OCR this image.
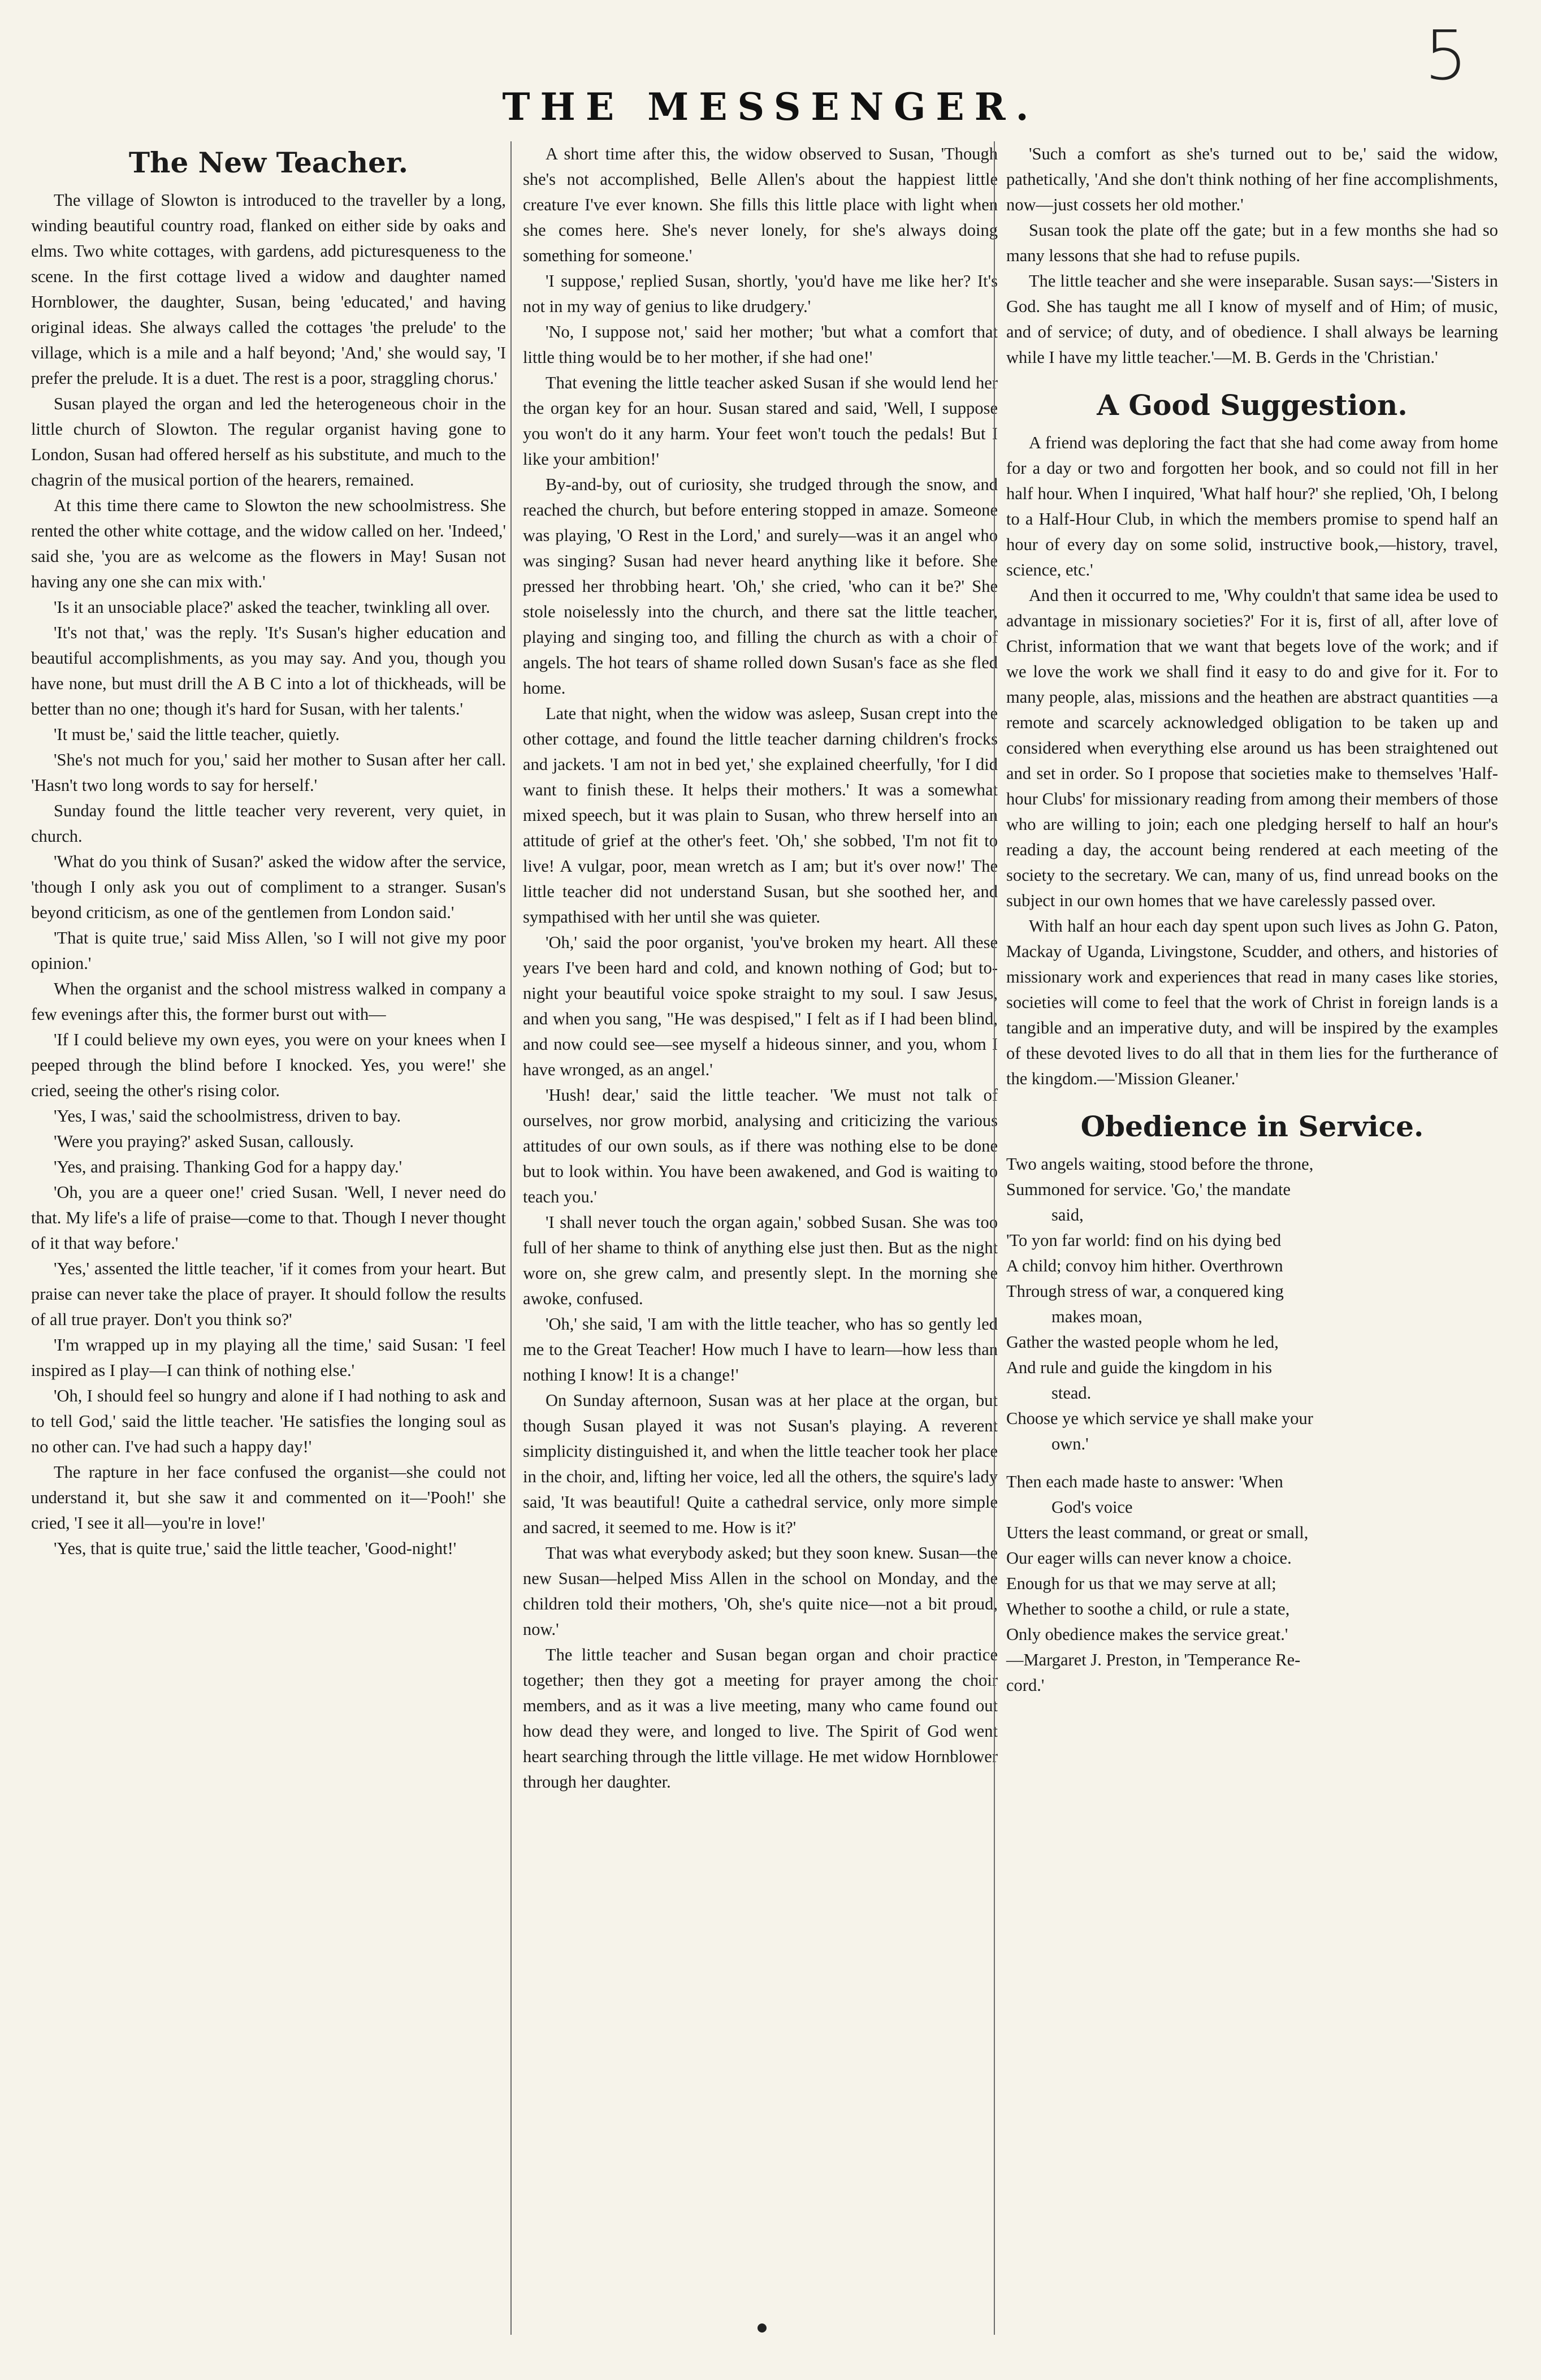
5
THE MESSENGER.
The New Teacher.

The village of Slowton is introduced to the traveller by a long, winding beautiful country road, flanked on either side by oaks and elms. Two white cottages, with gardens, add picturesqueness to the scene. In the first cottage lived a widow and daughter named Hornblower, the daughter, Susan, being 'educated,' and having original ideas. She always called the cottages 'the prelude' to the village, which is a mile and a half beyond; 'And,' she would say, 'I prefer the prelude. It is a duet. The rest is a poor, straggling chorus.'

Susan played the organ and led the heterogeneous choir in the little church of Slowton. The regular organist having gone to London, Susan had offered herself as his substitute, and much to the chagrin of the musical portion of the hearers, remained.

At this time there came to Slowton the new schoolmistress. She rented the other white cottage, and the widow called on her. 'Indeed,' said she, 'you are as welcome as the flowers in May! Susan not having any one she can mix with.'

'Is it an unsociable place?' asked the teacher, twinkling all over.

'It's not that,' was the reply. 'It's Susan's higher education and beautiful accomplishments, as you may say. And you, though you have none, but must drill the A B C into a lot of thickheads, will be better than no one; though it's hard for Susan, with her talents.'

'It must be,' said the little teacher, quietly.

'She's not much for you,' said her mother to Susan after her call. 'Hasn't two long words to say for herself.'

Sunday found the little teacher very reverent, very quiet, in church.

'What do you think of Susan?' asked the widow after the service, 'though I only ask you out of compliment to a stranger. Susan's beyond criticism, as one of the gentlemen from London said.'

'That is quite true,' said Miss Allen, 'so I will not give my poor opinion.'

When the organist and the school mistress walked in company a few evenings after this, the former burst out with—

'If I could believe my own eyes, you were on your knees when I peeped through the blind before I knocked. Yes, you were!' she cried, seeing the other's rising color.

'Yes, I was,' said the schoolmistress, driven to bay.

'Were you praying?' asked Susan, callously.

'Yes, and praising. Thanking God for a happy day.'

'Oh, you are a queer one!' cried Susan. 'Well, I never need do that. My life's a life of praise—come to that. Though I never thought of it that way before.'

'Yes,' assented the little teacher, 'if it comes from your heart. But praise can never take the place of prayer. It should follow the results of all true prayer. Don't you think so?'

'I'm wrapped up in my playing all the time,' said Susan: 'I feel inspired as I play—I can think of nothing else.'

'Oh, I should feel so hungry and alone if I had nothing to ask and to tell God,' said the little teacher. 'He satisfies the longing soul as no other can. I've had such a happy day!'

The rapture in her face confused the organist—she could not understand it, but she saw it and commented on it—'Pooh!' she cried, 'I see it all—you're in love!'

'Yes, that is quite true,' said the little teacher, 'Good-night!'

A short time after this, the widow observed to Susan, 'Though she's not accomplished, Belle Allen's about the happiest little creature I've ever known. She fills this little place with light when she comes here. She's never lonely, for she's always doing something for someone.'

'I suppose,' replied Susan, shortly, 'you'd have me like her? It's not in my way of genius to like drudgery.'

'No, I suppose not,' said her mother; 'but what a comfort that little thing would be to her mother, if she had one!'

That evening the little teacher asked Susan if she would lend her the organ key for an hour. Susan stared and said, 'Well, I suppose you won't do it any harm. Your feet won't touch the pedals! But I like your ambition!'

By-and-by, out of curiosity, she trudged through the snow, and reached the church, but before entering stopped in amaze. Someone was playing, 'O Rest in the Lord,' and surely—was it an angel who was singing? Susan had never heard anything like it before. She pressed her throbbing heart. 'Oh,' she cried, 'who can it be?' She stole noiselessly into the church, and there sat the little teacher, playing and singing too, and filling the church as with a choir of angels. The hot tears of shame rolled down Susan's face as she fled home.

Late that night, when the widow was asleep, Susan crept into the other cottage, and found the little teacher darning children's frocks and jackets. 'I am not in bed yet,' she explained cheerfully, 'for I did want to finish these. It helps their mothers.' It was a somewhat mixed speech, but it was plain to Susan, who threw herself into an attitude of grief at the other's feet. 'Oh,' she sobbed, 'I'm not fit to live! A vulgar, poor, mean wretch as I am; but it's over now!' The little teacher did not understand Susan, but she soothed her, and sympathised with her until she was quieter.

'Oh,' said the poor organist, 'you've broken my heart. All these years I've been hard and cold, and known nothing of God; but to-night your beautiful voice spoke straight to my soul. I saw Jesus, and when you sang, "He was despised," I felt as if I had been blind, and now could see—see myself a hideous sinner, and you, whom I have wronged, as an angel.'

'Hush! dear,' said the little teacher. 'We must not talk of ourselves, nor grow morbid, analysing and criticizing the various attitudes of our own souls, as if there was nothing else to be done but to look within. You have been awakened, and God is waiting to teach you.'

'I shall never touch the organ again,' sobbed Susan. She was too full of her shame to think of anything else just then. But as the night wore on, she grew calm, and presently slept. In the morning she awoke, confused.

'Oh,' she said, 'I am with the little teacher, who has so gently led me to the Great Teacher! How much I have to learn—how less than nothing I know! It is a change!'

On Sunday afternoon, Susan was at her place at the organ, but though Susan played it was not Susan's playing. A reverent simplicity distinguished it, and when the little teacher took her place in the choir, and, lifting her voice, led all the others, the squire's lady said, 'It was beautiful! Quite a cathedral service, only more simple and sacred, it seemed to me. How is it?'

That was what everybody asked; but they soon knew. Susan—the new Susan—helped Miss Allen in the school on Monday, and the children told their mothers, 'Oh, she's quite nice—not a bit proud, now.'

The little teacher and Susan began organ and choir practice together; then they got a meeting for prayer among the choir members, and as it was a live meeting, many who came found out how dead they were, and longed to live. The Spirit of God went heart searching through the little village. He met widow Hornblower through her daughter.

'Such a comfort as she's turned out to be,' said the widow, pathetically, 'And she don't think nothing of her fine accomplishments, now—just cossets her old mother.'

Susan took the plate off the gate; but in a few months she had so many lessons that she had to refuse pupils.

The little teacher and she were inseparable. Susan says:—'Sisters in God. She has taught me all I know of myself and of Him; of music, and of service; of duty, and of obedience. I shall always be learning while I have my little teacher.'—M. B. Gerds in the 'Christian.'

A Good Suggestion.

A friend was deploring the fact that she had come away from home for a day or two and forgotten her book, and so could not fill in her half hour. When I inquired, 'What half hour?' she replied, 'Oh, I belong to a Half-Hour Club, in which the members promise to spend half an hour of every day on some solid, instructive book,—history, travel, science, etc.'

And then it occurred to me, 'Why couldn't that same idea be used to advantage in missionary societies?' For it is, first of all, after love of Christ, information that we want that begets love of the work; and if we love the work we shall find it easy to do and give for it. For to many people, alas, missions and the heathen are abstract quantities —a remote and scarcely acknowledged obligation to be taken up and considered when everything else around us has been straightened out and set in order. So I propose that societies make to themselves 'Half-hour Clubs' for missionary reading from among their members of those who are willing to join; each one pledging herself to half an hour's reading a day, the account being rendered at each meeting of the society to the secretary. We can, many of us, find unread books on the subject in our own homes that we have carelessly passed over.

With half an hour each day spent upon such lives as John G. Paton, Mackay of Uganda, Livingstone, Scudder, and others, and histories of missionary work and experiences that read in many cases like stories, societies will come to feel that the work of Christ in foreign lands is a tangible and an imperative duty, and will be inspired by the examples of these devoted lives to do all that in them lies for the furtherance of the kingdom.—'Mission Gleaner.'

Obedience in Service.
Two angels waiting, stood before the throne,
Summoned for service. 'Go,' the mandate
said,
'To yon far world: find on his dying bed
A child; convoy him hither. Overthrown
Through stress of war, a conquered king
makes moan,
Gather the wasted people whom he led,
And rule and guide the kingdom in his
stead.
Choose ye which service ye shall make your
own.'
Then each made haste to answer: 'When
God's voice
Utters the least command, or great or small,
Our eager wills can never know a choice.
Enough for us that we may serve at all;
Whether to soothe a child, or rule a state,
Only obedience makes the service great.'
—Margaret J. Preston, in 'Temperance Re-
cord.'
